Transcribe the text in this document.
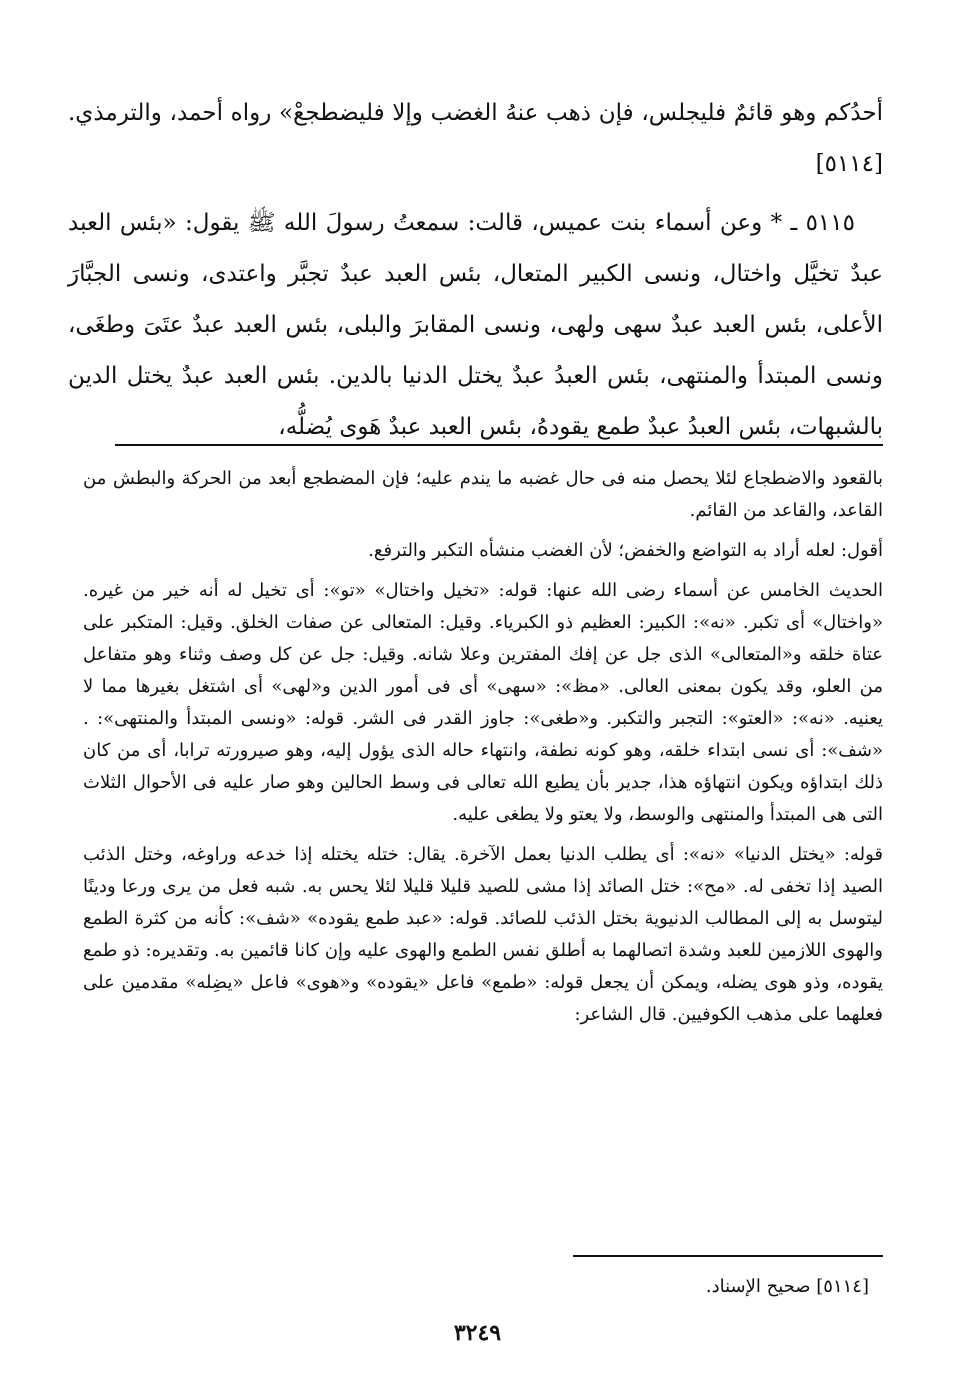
أحدُكم وهو قائمٌ فليجلس، فإن ذهب عنهُ الغضب وإلا فليضطجعْ» رواه أحمد، والترمذي. [٥١١٤]

٥١١٥ ـ * وعن أسماء بنت عميس، قالت: سمعتُ رسولَ الله ﷺ يقول: «بئس العبد عبدٌ تخيَّل واختال، ونسى الكبير المتعال، بئس العبد عبدٌ تجبَّر واعتدى، ونسى الجبَّارَ الأعلى، بئس العبد عبدٌ سهى ولهى، ونسى المقابرَ والبلى، بئس العبد عبدٌ عتَىَ وطغَى، ونسى المبتدأ والمنتهى، بئس العبدُ عبدٌ يختل الدنيا بالدين. بئس العبد عبدٌ يختل الدين بالشبهات، بئس العبدُ عبدٌ طمع يقودهُ، بئس العبد عبدٌ هَوى يُضلُّه،

بالقعود والاضطجاع لئلا يحصل منه فى حال غضبه ما يندم عليه؛ فإن المضطجع أبعد من الحركة والبطش من القاعد، والقاعد من القائم.

أقول: لعله أراد به التواضع والخفض؛ لأن الغضب منشأه التكبر والترفع.

الحديث الخامس عن أسماء رضى الله عنها: قوله: «تخيل واختال» «تو»: أى تخيل له أنه خير من غيره. «واختال» أى تكبر. «نه»: الكبير: العظيم ذو الكبرياء. وقيل: المتعالى عن صفات الخلق. وقيل: المتكبر على عتاة خلقه و«المتعالى» الذى جل عن إفك المفترين وعلا شانه. وقيل: جل عن كل وصف وثناء وهو متفاعل من العلو، وقد يكون بمعنى العالى. «مظ»: «سهى» أى فى أمور الدين و«لهى» أى اشتغل بغيرها مما لا يعنيه. «نه»: «العتو»: التجبر والتكبر. و«طغى»: جاوز القدر فى الشر. قوله: «ونسى المبتدأ والمنتهى»: . «شف»: أى نسى ابتداء خلقه، وهو كونه نطفة، وانتهاء حاله الذى يؤول إليه، وهو صيرورته ترابا، أى من كان ذلك ابتداؤه ويكون انتهاؤه هذا، جدير بأن يطيع الله تعالى فى وسط الحالين وهو صار عليه فى الأحوال الثلاث التى هى المبتدأ والمنتهى والوسط، ولا يعتو ولا يطغى عليه.

قوله: «يختل الدنيا» «نه»: أى يطلب الدنيا بعمل الآخرة. يقال: ختله يختله إذا خدعه وراوغه، وختل الذئب الصيد إذا تخفى له. «مح»: ختل الصائد إذا مشى للصيد قليلا قليلا لئلا يحس به. شبه فعل من يرى ورعا ودينًا ليتوسل به إلى المطالب الدنيوية بختل الذئب للصائد. قوله: «عبد طمع يقوده» «شف»: كأنه من كثرة الطمع والهوى اللازمين للعبد وشدة اتصالهما به أطلق نفس الطمع والهوى عليه وإن كانا قائمين به. وتقديره: ذو طمع يقوده، وذو هوى يضله، ويمكن أن يجعل قوله: «طمع» فاعل «يقوده» و«هوى» فاعل «يضِله» مقدمين على فعلهما على مذهب الكوفيين. قال الشاعر:

[٥١١٤] صحيح الإسناد.
٣٢٤٩
